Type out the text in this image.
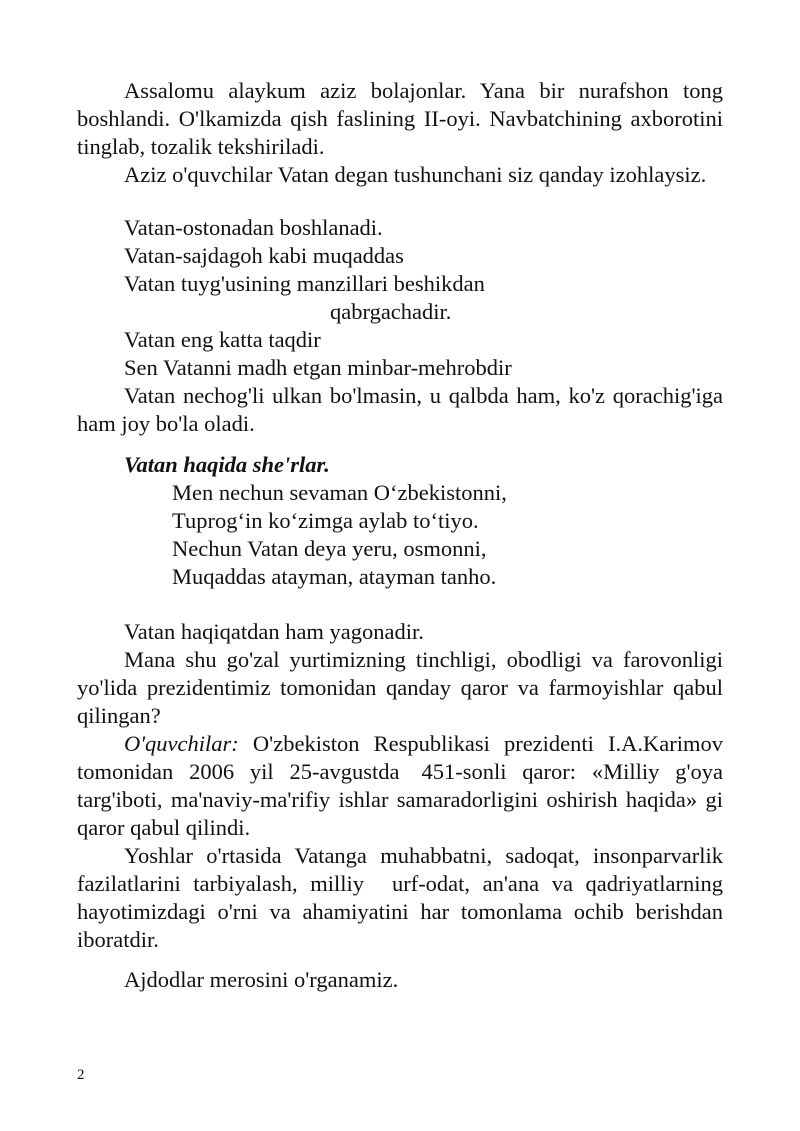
Assalomu alaykum aziz bolajonlar. Yana bir nurafshon tong boshlandi. O'lkamizda qish faslining II-oyi. Navbatchining axborotini tinglab, tozalik tekshiriladi.

Aziz o'quvchilar Vatan degan tushunchani siz qanday izohlaysiz.

Vatan-ostonadan boshlanadi.

Vatan-sajdagoh kabi muqaddas

Vatan tuyg'usining manzillari beshikdan

qabrgachadir.

Vatan eng katta taqdir

Sen Vatanni madh etgan minbar-mehrobdir

Vatan nechog'li ulkan bo'lmasin, u qalbda ham, ko'z qorachig'iga ham joy bo'la oladi.

Vatan haqida she'rlar.

Men nechun sevaman O‘zbekistonni,

Tuprog‘in ko‘zimga aylab to‘tiyo.

Nechun Vatan deya yeru, osmonni,

Muqaddas atayman, atayman tanho.

Vatan haqiqatdan ham yagonadir.

Mana shu go'zal yurtimizning tinchligi, obodligi va farovonligi yo'lida prezidentimiz tomonidan qanday qaror va farmoyishlar qabul qilingan?

O'quvchilar: O'zbekiston Respublikasi prezidenti I.A.Karimov tomonidan 2006 yil 25-avgustda 451-sonli qaror: «Milliy g'oya targ'iboti, ma'naviy-ma'rifiy ishlar samaradorligini oshirish haqida» gi qaror qabul qilindi.

Yoshlar o'rtasida Vatanga muhabbatni, sadoqat, insonparvarlik fazilatlarini tarbiyalash, milliy urf-odat, an'ana va qadriyatlarning hayotimizdagi o'rni va ahamiyatini har tomonlama ochib berishdan iboratdir.

Ajdodlar merosini o'rganamiz.

2
